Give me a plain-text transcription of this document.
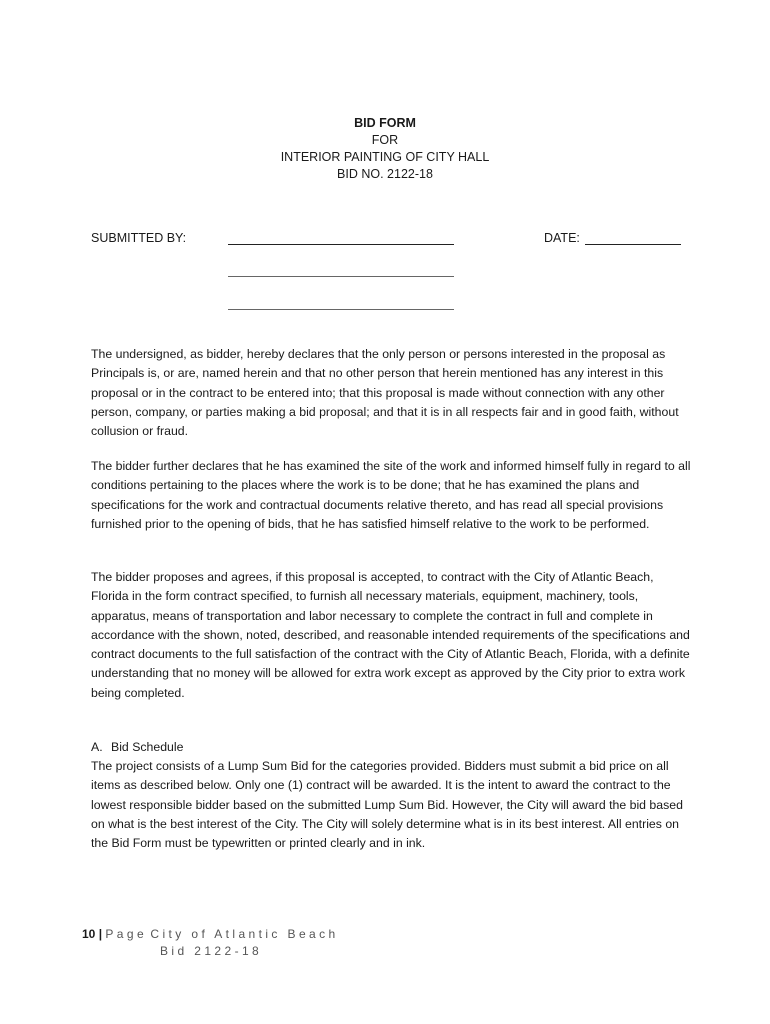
BID FORM
FOR
INTERIOR PAINTING OF CITY HALL
BID NO. 2122-18
SUBMITTED BY:	DATE:
The undersigned, as bidder, hereby declares that the only person or persons interested in the proposal as Principals is, or are, named herein and that no other person that herein mentioned has any interest in this proposal or in the contract to be entered into; that this proposal is made without connection with any other person, company, or parties making a bid proposal; and that it is in all respects fair and in good faith, without collusion or fraud.
The bidder further declares that he has examined the site of the work and informed himself fully in regard to all conditions pertaining to the places where the work is to be done; that he has examined the plans and specifications for the work and contractual documents relative thereto, and has read all special provisions furnished prior to the opening of bids, that he has satisfied himself relative to the work to be performed.
The bidder proposes and agrees, if this proposal is accepted, to contract with the City of Atlantic Beach, Florida in the form contract specified, to furnish all necessary materials, equipment, machinery, tools, apparatus, means of transportation and labor necessary to complete the contract in full and complete in accordance with the shown, noted, described, and reasonable intended requirements of the specifications and contract documents to the full satisfaction of the contract with the City of Atlantic Beach, Florida, with a definite understanding that no money will be allowed for extra work except as approved by the City prior to extra work being completed.
A. Bid Schedule
The project consists of a Lump Sum Bid for the categories provided. Bidders must submit a bid price on all items as described below. Only one (1) contract will be awarded. It is the intent to award the contract to the lowest responsible bidder based on the submitted Lump Sum Bid. However, the City will award the bid based on what is the best interest of the City. The City will solely determine what is in its best interest. All entries on the Bid Form must be typewritten or printed clearly and in ink.
10 | Page City of Atlantic Beach
Bid 2122-18
